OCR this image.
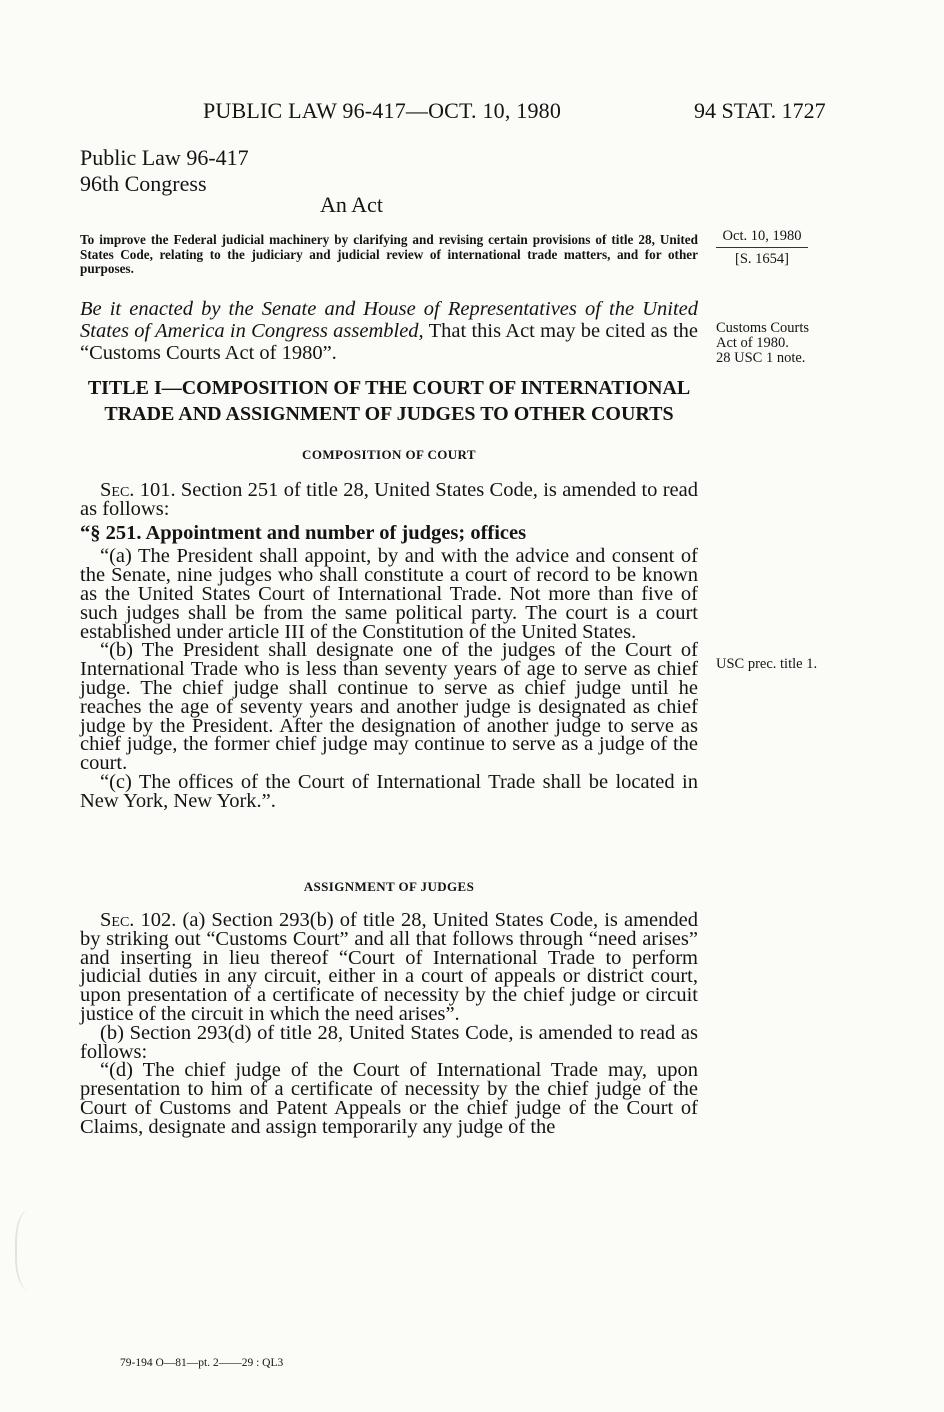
PUBLIC LAW 96-417—OCT. 10, 1980	94 STAT. 1727
Public Law 96-417
96th Congress
An Act
To improve the Federal judicial machinery by clarifying and revising certain provisions of title 28, United States Code, relating to the judiciary and judicial review of international trade matters, and for other purposes.
Oct. 10, 1980
[S. 1654]
Be it enacted by the Senate and House of Representatives of the United States of America in Congress assembled, That this Act may be cited as the “Customs Courts Act of 1980”.
Customs Courts
Act of 1980.
28 USC 1 note.
TITLE I—COMPOSITION OF THE COURT OF INTERNATIONAL
TRADE AND ASSIGNMENT OF JUDGES TO OTHER COURTS
COMPOSITION OF COURT

Sec. 101. Section 251 of title 28, United States Code, is amended to read as follows:

“§ 251. Appointment and number of judges; offices

“(a) The President shall appoint, by and with the advice and consent of the Senate, nine judges who shall constitute a court of record to be known as the United States Court of International Trade. Not more than five of such judges shall be from the same political party. The court is a court established under article III of the Constitution of the United States.

“(b) The President shall designate one of the judges of the Court of International Trade who is less than seventy years of age to serve as chief judge. The chief judge shall continue to serve as chief judge until he reaches the age of seventy years and another judge is designated as chief judge by the President. After the designation of another judge to serve as chief judge, the former chief judge may continue to serve as a judge of the court.

“(c) The offices of the Court of International Trade shall be located in New York, New York.”.

USC prec. title 1.
ASSIGNMENT OF JUDGES

Sec. 102. (a) Section 293(b) of title 28, United States Code, is amended by striking out “Customs Court” and all that follows through “need arises” and inserting in lieu thereof “Court of International Trade to perform judicial duties in any circuit, either in a court of appeals or district court, upon presentation of a certificate of necessity by the chief judge or circuit justice of the circuit in which the need arises”.

(b) Section 293(d) of title 28, United States Code, is amended to read as follows:

“(d) The chief judge of the Court of International Trade may, upon presentation to him of a certificate of necessity by the chief judge of the Court of Customs and Patent Appeals or the chief judge of the Court of Claims, designate and assign temporarily any judge of the

79-194 O—81—pt. 2——29 : QL3
